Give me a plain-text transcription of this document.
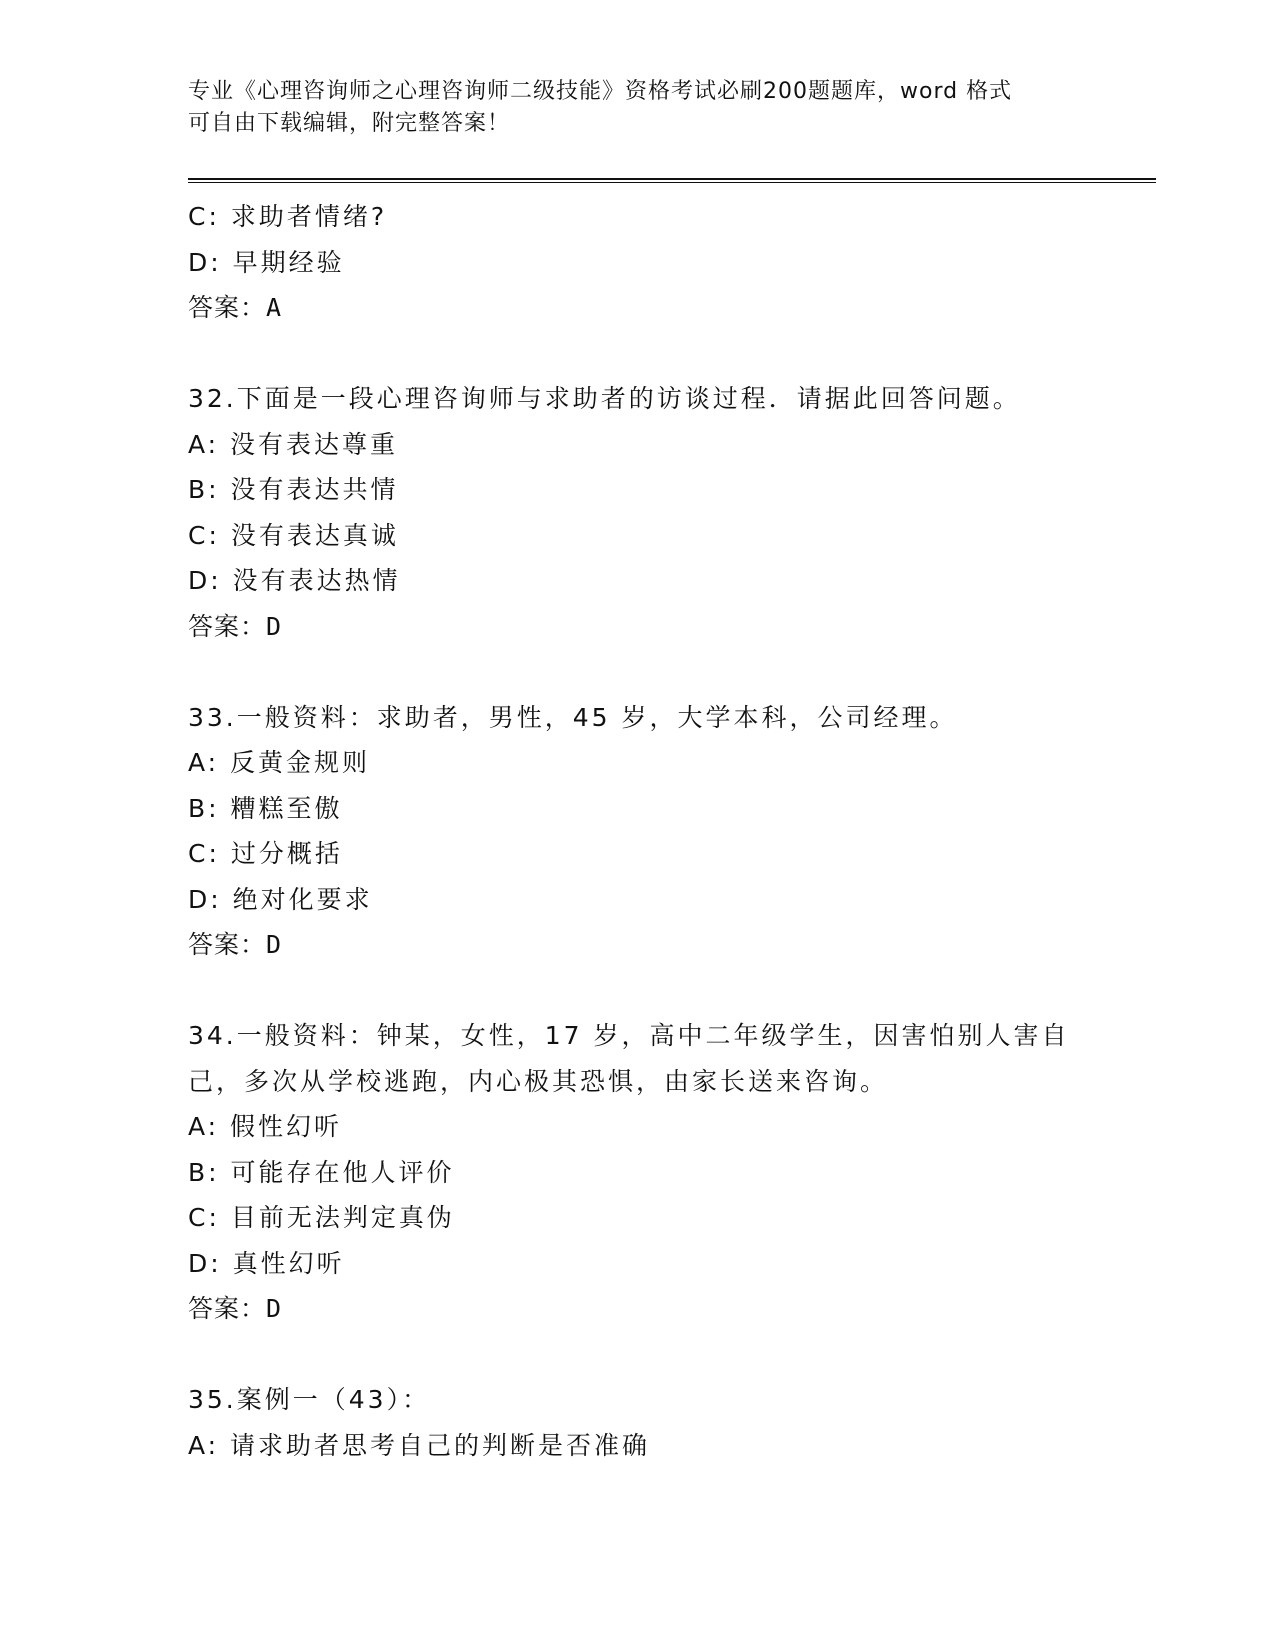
专业《心理咨询师之心理咨询师二级技能》资格考试必刷200题题库，word 格式
可自由下载编辑，附完整答案！
C: 求助者情绪?
D: 早期经验
答案：A
32.下面是一段心理咨询师与求助者的访谈过程．请据此回答问题。
A: 没有表达尊重
B: 没有表达共情
C: 没有表达真诚
D: 没有表达热情
答案：D
33.一般资料：求助者，男性，45 岁，大学本科，公司经理。
A: 反黄金规则
B: 糟糕至傲
C: 过分概括
D: 绝对化要求
答案：D
34.一般资料：钟某，女性，17 岁，高中二年级学生，因害怕别人害自己，多次从学校逃跑，内心极其恐惧，由家长送来咨询。
A: 假性幻听
B: 可能存在他人评价
C: 目前无法判定真伪
D: 真性幻听
答案：D
35.案例一（43）：
A: 请求助者思考自己的判断是否准确
